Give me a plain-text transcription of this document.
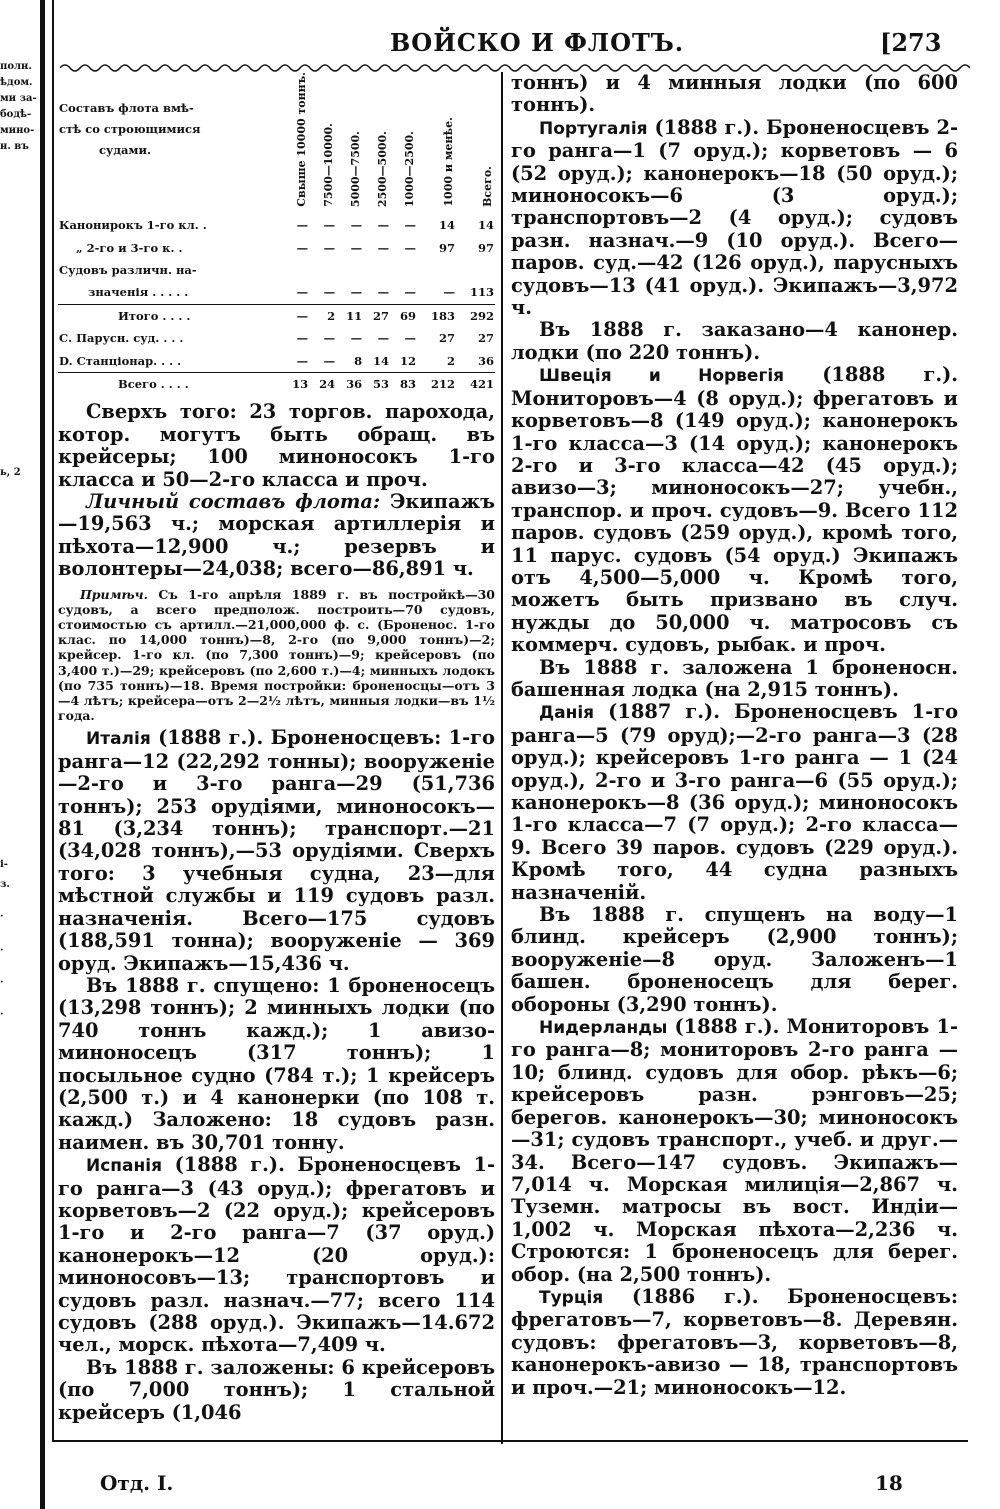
полн.
ѣдом.
ми за-
бодѣ-
мино-
н. въ
ь, 2
і-
з.
·
·
·
·
ВОЙСКО И ФЛОТЪ.	[273
Составъ флота вмѣ-
стѣ со строющимися
судами.	Свыше 10000 тоннъ.	7500—10000.	5000—7500.	2500—5000.	1000—2500.	1000 и менѣе.	Всего.
Канонирокъ 1-го кл. .	—	—	—	—	—	14	14
„ 2-го и 3-го к. .	—	—	—	—	—	97	97
Судовъ различн. на-							
значенія . . . . .	—	—	—	—	—	—	113
Итого . . . .	—	2	11	27	69	183	292
С. Парусн. суд. . . .	—	—	—	—	—	27	27
D. Станціонар. . . .	—	—	8	14	12	2	36
Всего . . . .	13	24	36	53	83	212	421

Сверхъ того: 23 торгов. парохода, котор. могутъ быть обращ. въ крейсеры; 100 миноносокъ 1-го класса и 50—2-го класса и проч.

Личный составъ флота: Экипажъ—19,563 ч.; морская артиллерія и пѣхота—12,900 ч.; резервъ и волонтеры—24,038; всего—86,891 ч.

Примѣч. Съ 1-го апрѣля 1889 г. въ постройкѣ—30 судовъ, а всего предполож. построить—70 судовъ, стоимостью съ артилл.—21,000,000 ф. с. (Броненос. 1-го клас. по 14,000 тоннъ)—8, 2-го (по 9,000 тоннъ)—2; крейсер. 1-го кл. (по 7,300 тоннъ)—9; крейсеровъ (по 3,400 т.)—29; крейсеровъ (по 2,600 т.)—4; минныхъ лодокъ (по 735 тоннъ)—18. Время постройки: броненосцы—отъ 3—4 лѣтъ; крейсера—отъ 2—2½ лѣтъ, минныя лодки—въ 1½ года.

Италія (1888 г.). Броненосцевъ: 1-го ранга—12 (22,292 тонны); вооруженіе—2-го и 3-го ранга—29 (51,736 тоннъ); 253 орудіями, миноносокъ—81 (3,234 тоннъ); транспорт.—21 (34,028 тоннъ),—53 орудіями. Сверхъ того: 3 учебныя судна, 23—для мѣстной службы и 119 судовъ разл. назначенія. Всего—175 судовъ (188,591 тонна); вооруженіе — 369 оруд. Экипажъ—15,436 ч.

Въ 1888 г. спущено: 1 броненосецъ (13,298 тоннъ); 2 минныхъ лодки (по 740 тоннъ кажд.); 1 авизо-миноносецъ (317 тоннъ); 1 посыльное судно (784 т.); 1 крейсеръ (2,500 т.) и 4 канонерки (по 108 т. кажд.) Заложено: 18 судовъ разн. наимен. въ 30,701 тонну.

Испанія (1888 г.). Броненосцевъ 1-го ранга—3 (43 оруд.); фрегатовъ и корветовъ—2 (22 оруд.); крейсеровъ 1-го и 2-го ранга—7 (37 оруд.) канонерокъ—12 (20 оруд.): миноносовъ—13; транспортовъ и судовъ разл. назнач.—77; всего 114 судовъ (288 оруд.). Экипажъ—14.672 чел., морск. пѣхота—7,409 ч.

Въ 1888 г. заложены: 6 крейсеровъ (по 7,000 тоннъ); 1 стальной крейсеръ (1,046

тоннъ) и 4 минныя лодки (по 600 тоннъ).

Португалія (1888 г.). Броненосцевъ 2-го ранга—1 (7 оруд.); корветовъ — 6 (52 оруд.); канонерокъ—18 (50 оруд.); миноносокъ—6 (3 оруд.); транспортовъ—2 (4 оруд.); судовъ разн. назнач.—9 (10 оруд.). Всего—паров. суд.—42 (126 оруд.), парусныхъ судовъ—13 (41 оруд.). Экипажъ—3,972 ч.

Въ 1888 г. заказано—4 канонер. лодки (по 220 тоннъ).

Швеція и Норвегія (1888 г.). Мониторовъ—4 (8 оруд.); фрегатовъ и корветовъ—8 (149 оруд.); канонерокъ 1-го класса—3 (14 оруд.); канонерокъ 2-го и 3-го класса—42 (45 оруд.); авизо—3; миноносокъ—27; учебн., транспор. и проч. судовъ—9. Всего 112 паров. судовъ (259 оруд.), кромѣ того, 11 парус. судовъ (54 оруд.) Экипажъ отъ 4,500—5,000 ч. Кромѣ того, можетъ быть призвано въ случ. нужды до 50,000 ч. матросовъ съ коммерч. судовъ, рыбак. и проч.

Въ 1888 г. заложена 1 броненосн. башенная лодка (на 2,915 тоннъ).

Данія (1887 г.). Броненосцевъ 1-го ранга—5 (79 оруд);—2-го ранга—3 (28 оруд.); крейсеровъ 1-го ранга — 1 (24 оруд.), 2-го и 3-го ранга—6 (55 оруд.); канонерокъ—8 (36 оруд.); миноносокъ 1-го класса—7 (7 оруд.); 2-го класса—9. Всего 39 паров. судовъ (229 оруд.). Кромѣ того, 44 судна разныхъ назначеній.

Въ 1888 г. спущенъ на воду—1 блинд. крейсеръ (2,900 тоннъ); вооруженіе—8 оруд. Заложенъ—1 башен. броненосецъ для берег. обороны (3,290 тоннъ).

Нидерланды (1888 г.). Мониторовъ 1-го ранга—8; мониторовъ 2-го ранга — 10; блинд. судовъ для обор. рѣкъ—6; крейсеровъ разн. рэнговъ—25; берегов. канонерокъ—30; миноносокъ—31; судовъ транспорт., учеб. и друг.—34. Всего—147 судовъ. Экипажъ—7,014 ч. Морская милиція—2,867 ч. Туземн. матросы въ вост. Индіи—1,002 ч. Морская пѣхота—2,236 ч. Строются: 1 броненосецъ для берег. обор. (на 2,500 тоннъ).

Турція (1886 г.). Броненосцевъ: фрегатовъ—7, корветовъ—8. Деревян. судовъ: фрегатовъ—3, корветовъ—8, канонерокъ-авизо — 18, транспортовъ и проч.—21; миноносокъ—12.

Отд. I.	18
